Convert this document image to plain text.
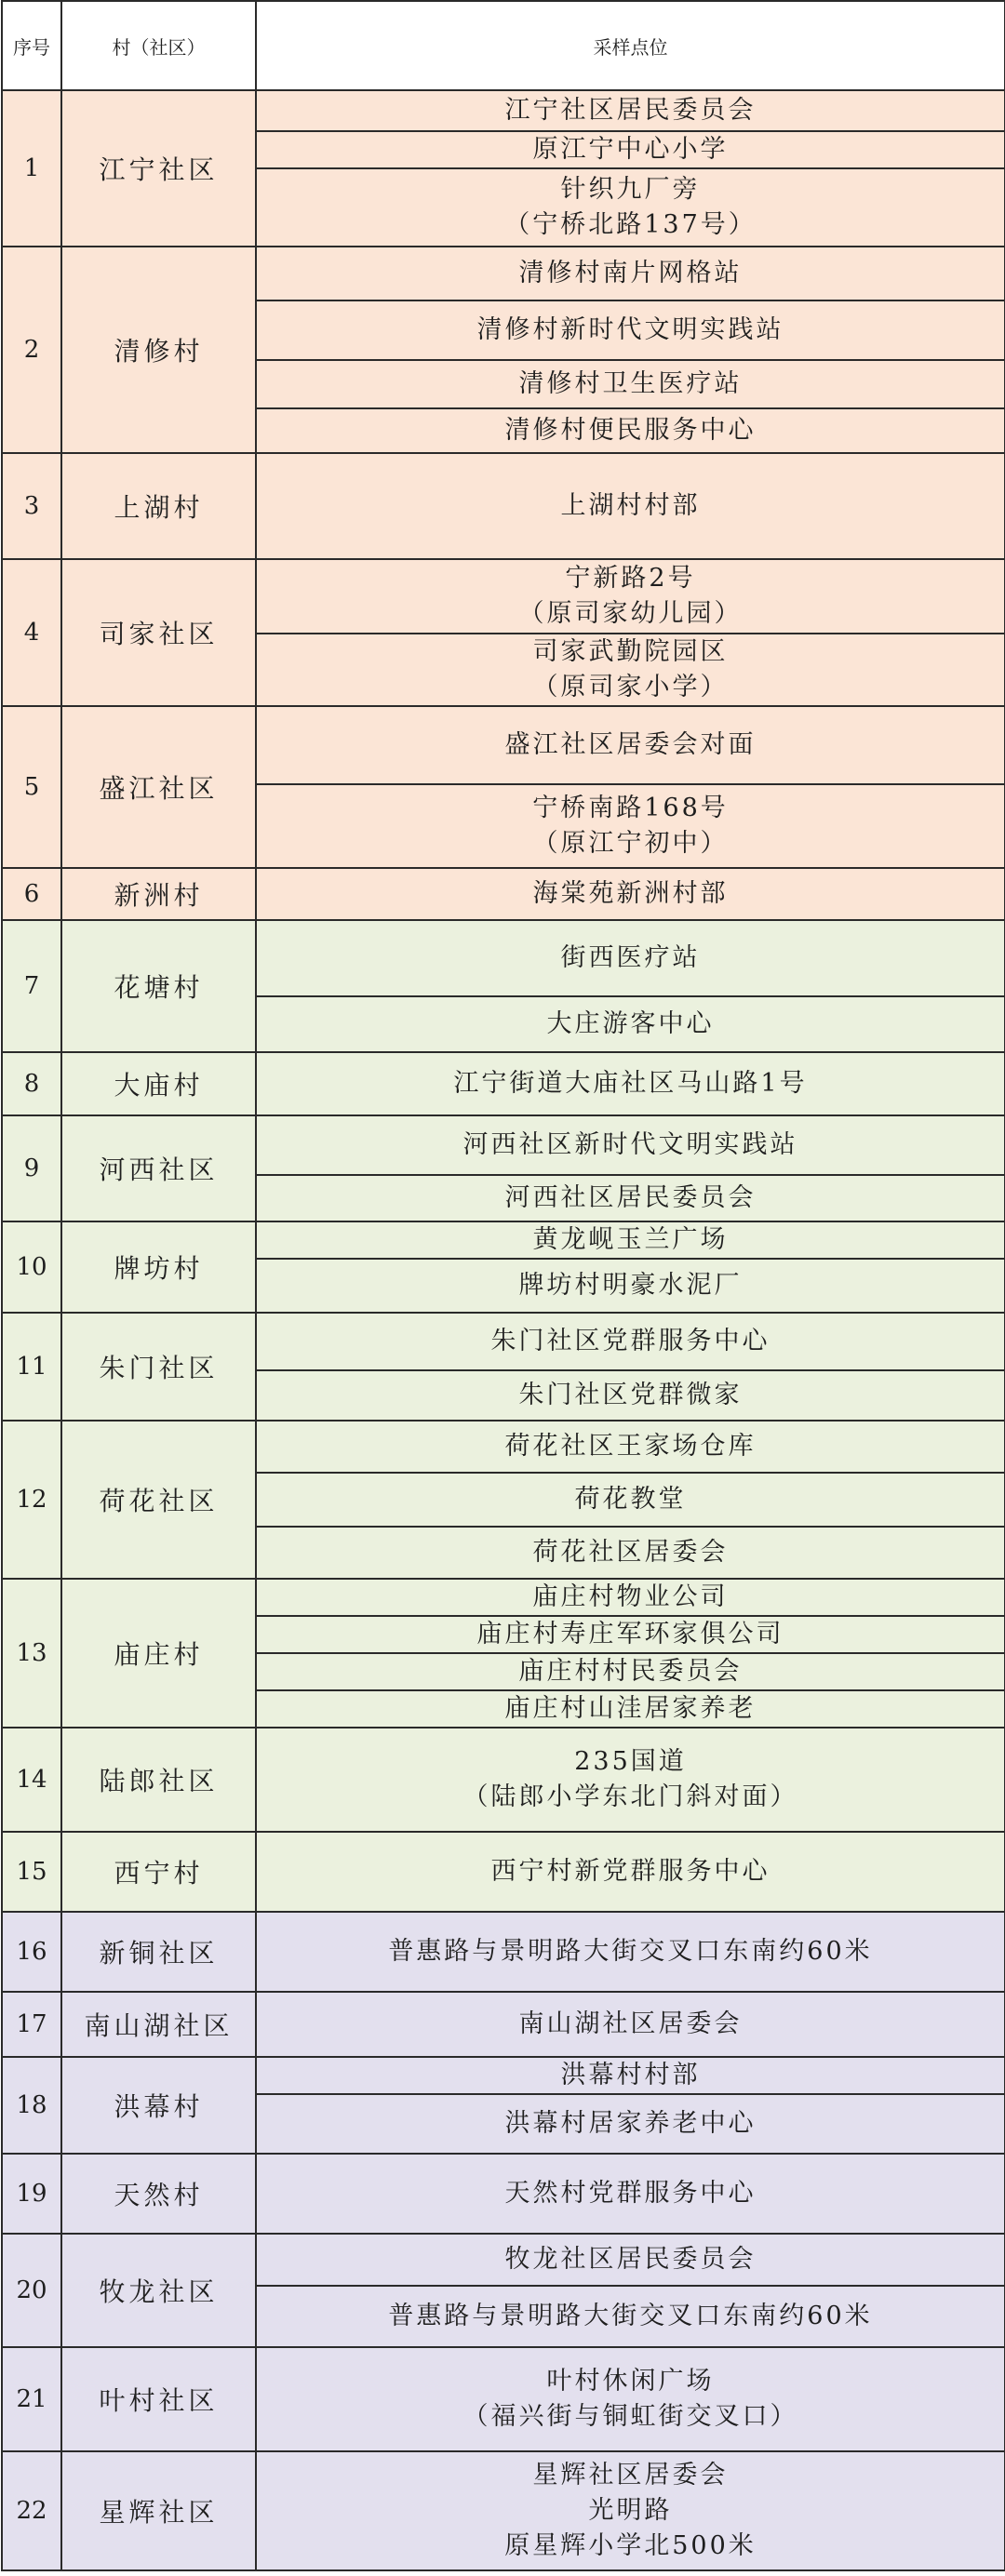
序号	村（社区）	采样点位
1	江宁社区	江宁社区居民委员会
		原江宁中心小学
		针织九厂旁
（宁桥北路137号）
2	清修村	清修村南片网格站
		清修村新时代文明实践站
		清修村卫生医疗站
		清修村便民服务中心
3	上湖村	上湖村村部
4	司家社区	宁新路2号
（原司家幼儿园）
		司家武勤院园区
（原司家小学）
5	盛江社区	盛江社区居委会对面
		宁桥南路168号
（原江宁初中）
6	新洲村	海棠苑新洲村部
7	花塘村	街西医疗站
		大庄游客中心
8	大庙村	江宁街道大庙社区马山路1号
9	河西社区	河西社区新时代文明实践站
		河西社区居民委员会
10	牌坊村	黄龙岘玉兰广场
		牌坊村明豪水泥厂
11	朱门社区	朱门社区党群服务中心
		朱门社区党群微家
12	荷花社区	荷花社区王家场仓库
		荷花教堂
		荷花社区居委会
13	庙庄村	庙庄村物业公司
		庙庄村寿庄军环家俱公司
		庙庄村村民委员会
		庙庄村山洼居家养老
14	陆郎社区	235国道
（陆郎小学东北门斜对面）
15	西宁村	西宁村新党群服务中心
16	新铜社区	普惠路与景明路大街交叉口东南约60米
17	南山湖社区	南山湖社区居委会
18	洪幕村	洪幕村村部
		洪幕村居家养老中心
19	天然村	天然村党群服务中心
20	牧龙社区	牧龙社区居民委员会
		普惠路与景明路大街交叉口东南约60米
21	叶村社区	叶村休闲广场
（福兴街与铜虹街交叉口）
22	星辉社区	星辉社区居委会
光明路
原星辉小学北500米
